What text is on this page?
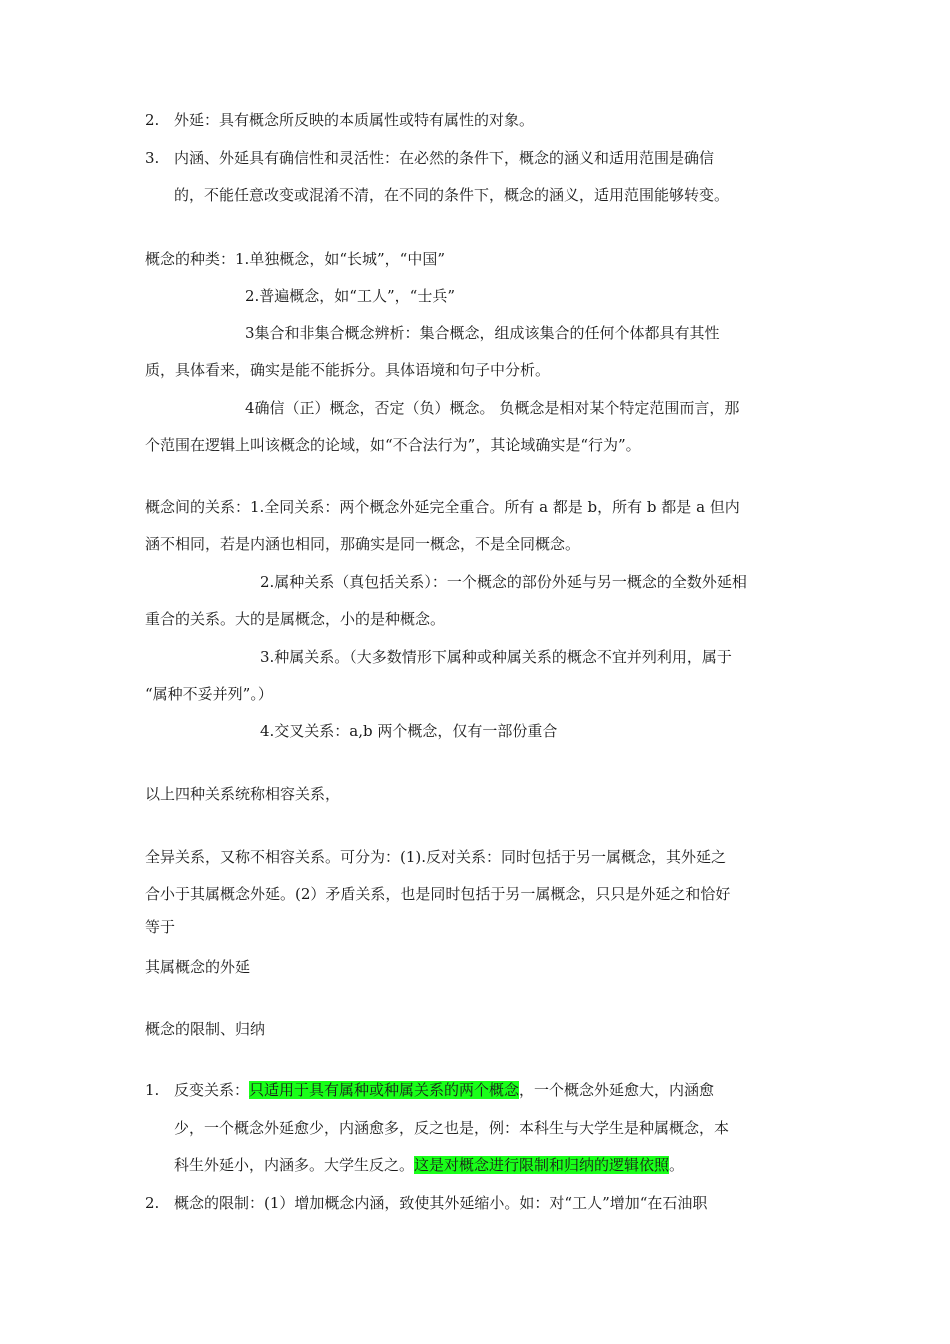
2. 外延：具有概念所反映的本质属性或特有属性的对象。
3. 内涵、外延具有确信性和灵活性：在必然的条件下，概念的涵义和适用范围是确信
的，不能任意改变或混淆不清，在不同的条件下，概念的涵义，适用范围能够转变。
概念的种类：1.单独概念，如“长城”，“中国”
2.普遍概念，如“工人”，“士兵”
3集合和非集合概念辨析：集合概念，组成该集合的任何个体都具有其性
质，具体看来，确实是能不能拆分。具体语境和句子中分析。
4确信（正）概念，否定（负）概念。 负概念是相对某个特定范围而言，那
个范围在逻辑上叫该概念的论域，如“不合法行为”，其论域确实是“行为”。
概念间的关系：1.全同关系：两个概念外延完全重合。所有 a 都是 b，所有 b 都是 a 但内
涵不相同，若是内涵也相同，那确实是同一概念，不是全同概念。
2.属种关系（真包括关系）：一个概念的部份外延与另一概念的全数外延相
重合的关系。大的是属概念，小的是种概念。
3.种属关系。（大多数情形下属种或种属关系的概念不宜并列利用，属于
“属种不妥并列”。）
4.交叉关系：a,b 两个概念，仅有一部份重合
以上四种关系统称相容关系，
全异关系，又称不相容关系。可分为：(1).反对关系：同时包括于另一属概念，其外延之
合小于其属概念外延。(2）矛盾关系，也是同时包括于另一属概念，只只是外延之和恰好
等于
其属概念的外延
概念的限制、归纳
1. 反变关系：只适用于具有属种或种属关系的两个概念，一个概念外延愈大，内涵愈
少，一个概念外延愈少，内涵愈多，反之也是，例：本科生与大学生是种属概念，本
科生外延小，内涵多。大学生反之。这是对概念进行限制和归纳的逻辑依照。
2. 概念的限制：(1）增加概念内涵，致使其外延缩小。如：对“工人”增加“在石油职
